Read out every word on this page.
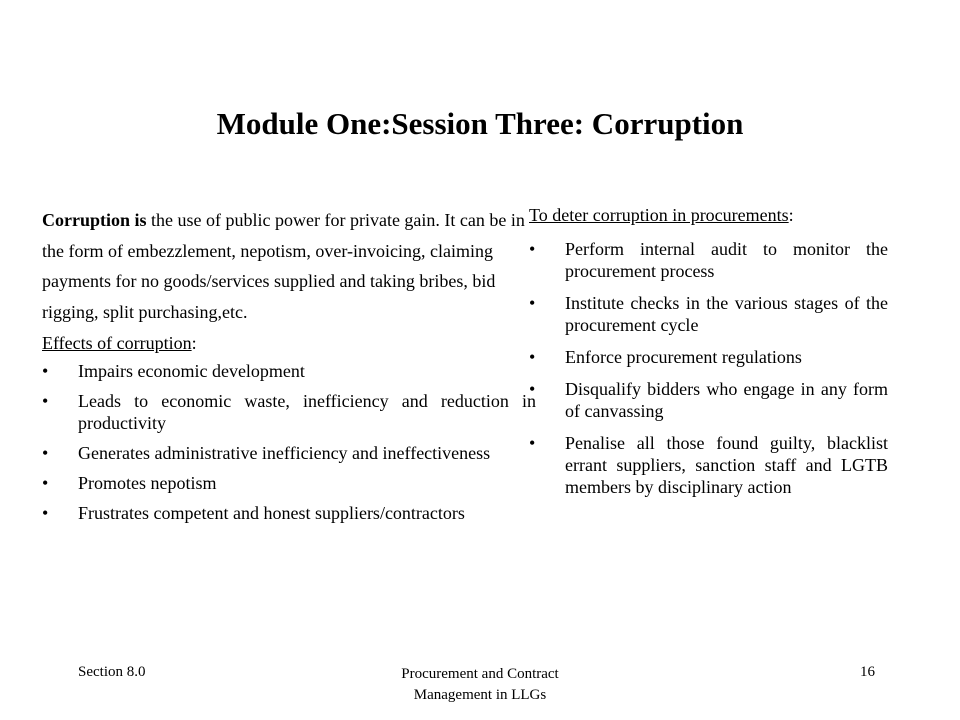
Module One:Session Three: Corruption

Corruption is the use of public power for private gain. It can be in the form of embezzlement, nepotism, over-invoicing, claiming payments for no goods/services supplied and taking bribes, bid rigging, split purchasing,etc.

Effects of corruption:
• Impairs economic development
• Leads to economic waste, inefficiency and reduction in productivity
• Generates administrative inefficiency and ineffectiveness
• Promotes nepotism
• Frustrates competent and honest suppliers/contractors
To deter corruption in procurements:
• Perform internal audit to monitor the procurement process
• Institute checks in the various stages of the procurement cycle
• Enforce procurement regulations
• Disqualify bidders who engage in any form of canvassing
• Penalise all those found guilty, blacklist errant suppliers, sanction staff and LGTB members by disciplinary action
Section 8.0	Procurement and Contract
Management in LLGs
16
